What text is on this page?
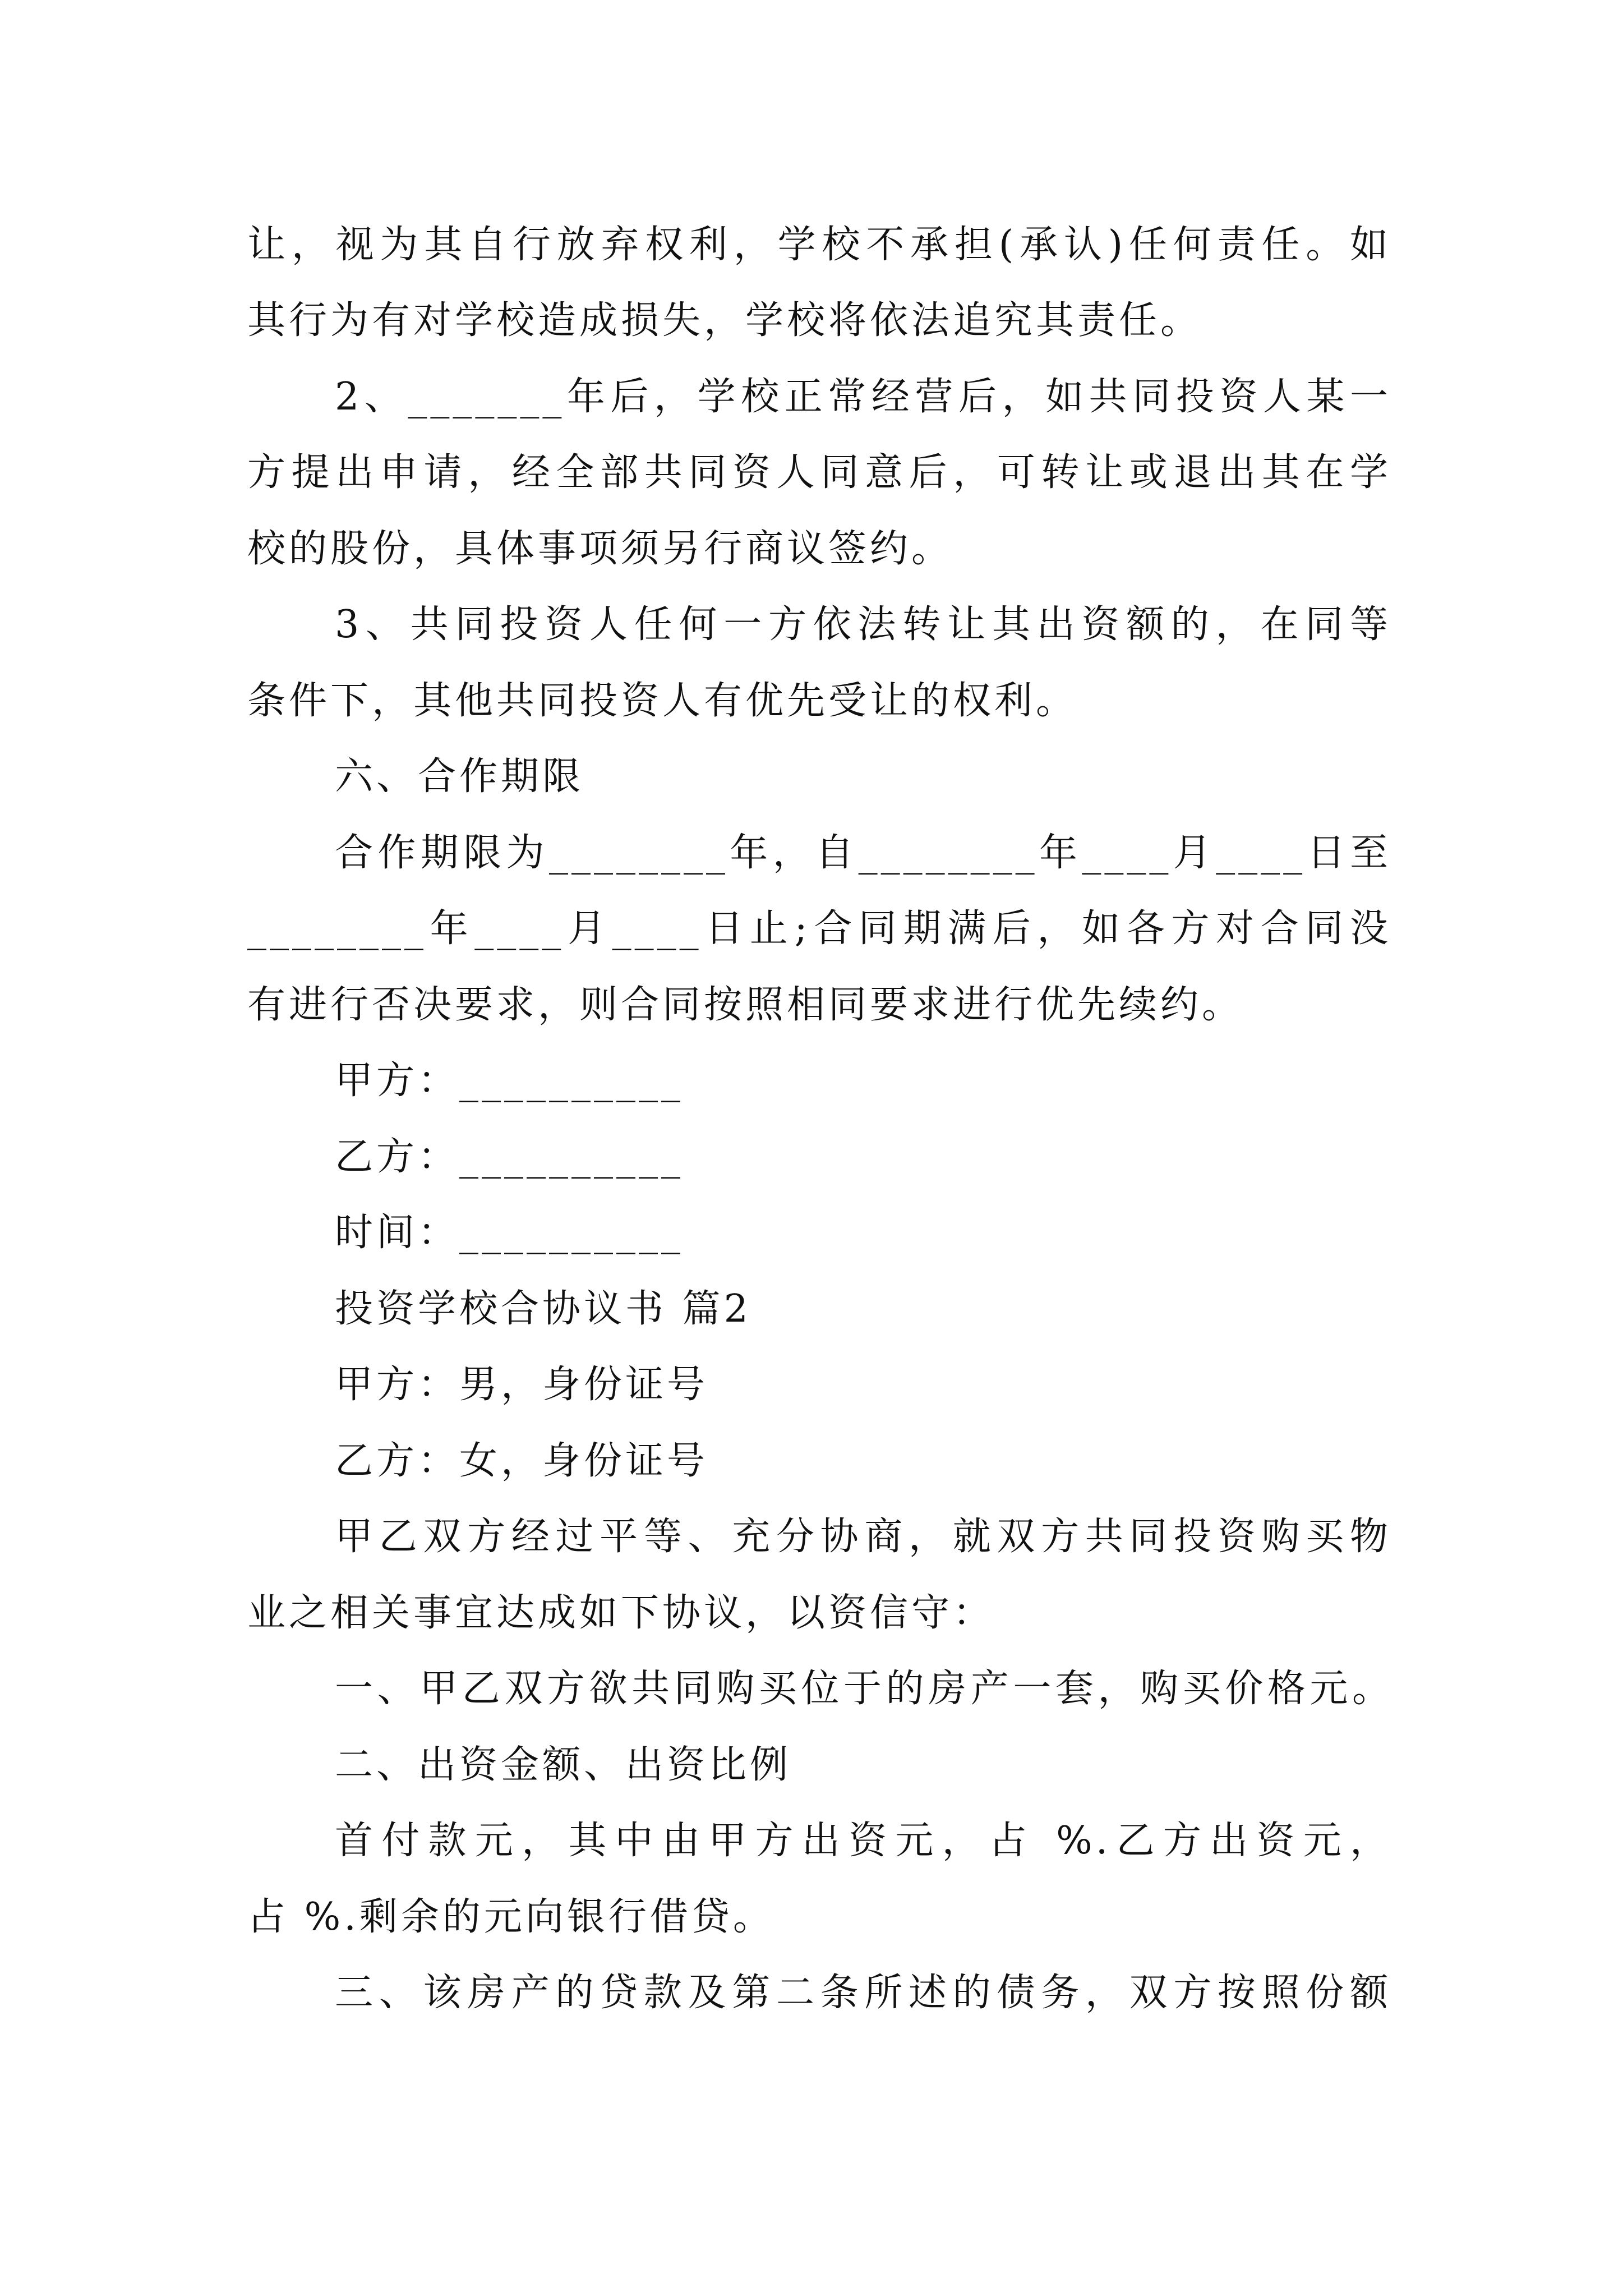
让，视为其自行放弃权利，学校不承担(承认)任何责任。如
其行为有对学校造成损失，学校将依法追究其责任。
2、_______年后，学校正常经营后，如共同投资人某一
方提出申请，经全部共同资人同意后，可转让或退出其在学
校的股份，具体事项须另行商议签约。
3、共同投资人任何一方依法转让其出资额的，在同等
条件下，其他共同投资人有优先受让的权利。
六、合作期限
合作期限为________年，自________年____月____日至
________年____月____日止;合同期满后，如各方对合同没
有进行否决要求，则合同按照相同要求进行优先续约。
甲方：__________
乙方：__________
时间：__________
投资学校合协议书 篇2
甲方：男，身份证号
乙方：女，身份证号
甲乙双方经过平等、充分协商，就双方共同投资购买物
业之相关事宜达成如下协议，以资信守：
一、甲乙双方欲共同购买位于的房产一套，购买价格元。
二、出资金额、出资比例
首付款元，其中由甲方出资元，占 %.乙方出资元，
占 %.剩余的元向银行借贷。
三、该房产的贷款及第二条所述的债务，双方按照份额
